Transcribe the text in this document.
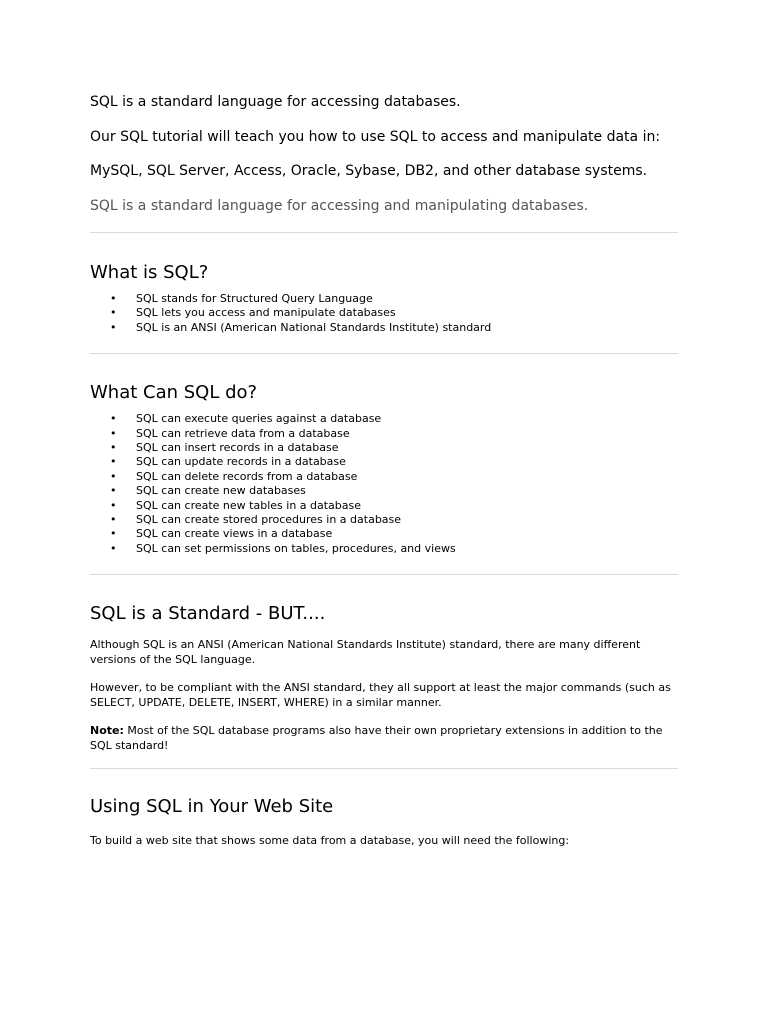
SQL is a standard language for accessing databases.

Our SQL tutorial will teach you how to use SQL to access and manipulate data in:

MySQL, SQL Server, Access, Oracle, Sybase, DB2, and other database systems.

SQL is a standard language for accessing and manipulating databases.

What is SQL?
• SQL stands for Structured Query Language
• SQL lets you access and manipulate databases
• SQL is an ANSI (American National Standards Institute) standard
What Can SQL do?
• SQL can execute queries against a database
• SQL can retrieve data from a database
• SQL can insert records in a database
• SQL can update records in a database
• SQL can delete records from a database
• SQL can create new databases
• SQL can create new tables in a database
• SQL can create stored procedures in a database
• SQL can create views in a database
• SQL can set permissions on tables, procedures, and views
SQL is a Standard - BUT....

Although SQL is an ANSI (American National Standards Institute) standard, there are many different versions of the SQL language.

However, to be compliant with the ANSI standard, they all support at least the major commands (such as SELECT, UPDATE, DELETE, INSERT, WHERE) in a similar manner.

Note: Most of the SQL database programs also have their own proprietary extensions in addition to the SQL standard!

Using SQL in Your Web Site

To build a web site that shows some data from a database, you will need the following:
